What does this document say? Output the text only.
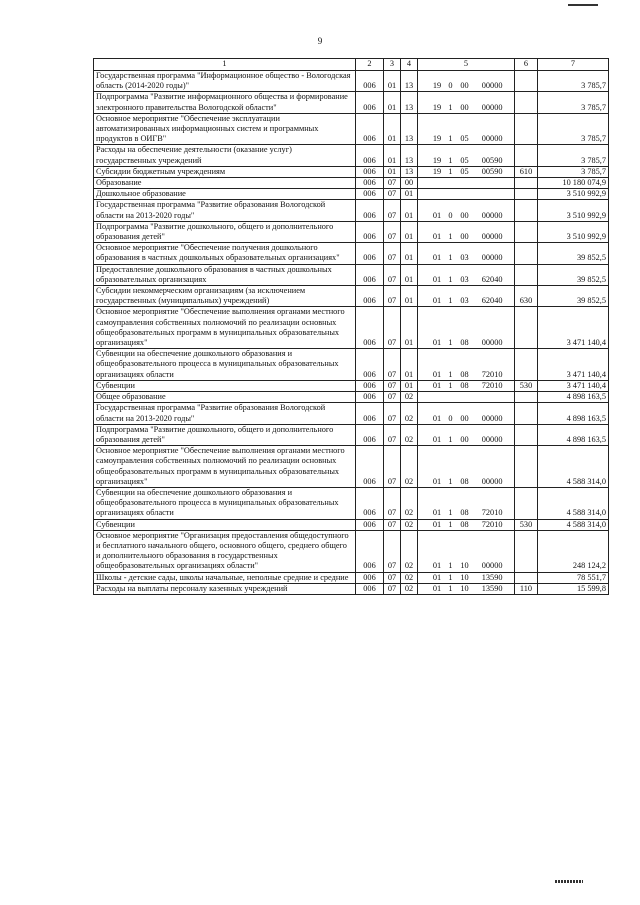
9
1	2	3	4	5	6	7
Государственная программа "Информационное общество - Вологодская область (2014-2020 годы)"	006	01	13	19 0 00 00000		3 785,7
Подпрограмма "Развитие информационного общества и формирование электронного правительства Вологодской области"	006	01	13	19 1 00 00000		3 785,7
Основное мероприятие "Обеспечение эксплуатации автоматизированных информационных систем и программных продуктов в ОИГВ"	006	01	13	19 1 05 00000		3 785,7
Расходы на обеспечение деятельности (оказание услуг) государственных учреждений	006	01	13	19 1 05 00590		3 785,7
Субсидии бюджетным учреждениям	006	01	13	19 1 05 00590	610	3 785,7
Образование	006	07	00			10 180 074,9
Дошкольное образование	006	07	01			3 510 992,9
Государственная программа "Развитие образования Вологодской области на 2013-2020 годы"	006	07	01	01 0 00 00000		3 510 992,9
Подпрограмма "Развитие дошкольного, общего и дополнительного образования детей"	006	07	01	01 1 00 00000		3 510 992,9
Основное мероприятие "Обеспечение получения дошкольного образования в частных дошкольных образовательных организациях"	006	07	01	01 1 03 00000		39 852,5
Предоставление дошкольного образования в частных дошкольных образовательных организациях	006	07	01	01 1 03 62040		39 852,5
Субсидии некоммерческим организациям (за исключением государственных (муниципальных) учреждений)	006	07	01	01 1 03 62040	630	39 852,5
Основное мероприятие "Обеспечение выполнения органами местного самоуправления собственных полномочий по реализации основных общеобразовательных программ в муниципальных образовательных организациях"	006	07	01	01 1 08 00000		3 471 140,4
Субвенции на обеспечение дошкольного образования и общеобразовательного процесса в муниципальных образовательных организациях области	006	07	01	01 1 08 72010		3 471 140,4
Субвенции	006	07	01	01 1 08 72010	530	3 471 140,4
Общее образование	006	07	02			4 898 163,5
Государственная программа "Развитие образования Вологодской области на 2013-2020 годы"	006	07	02	01 0 00 00000		4 898 163,5
Подпрограмма "Развитие дошкольного, общего и дополнительного образования детей"	006	07	02	01 1 00 00000		4 898 163,5
Основное мероприятие "Обеспечение выполнения органами местного самоуправления собственных полномочий по реализации основных общеобразовательных программ в муниципальных образовательных организациях"	006	07	02	01 1 08 00000		4 588 314,0
Субвенции на обеспечение дошкольного образования и общеобразовательного процесса в муниципальных образовательных организациях области	006	07	02	01 1 08 72010		4 588 314,0
Субвенции	006	07	02	01 1 08 72010	530	4 588 314,0
Основное мероприятие "Организация предоставления общедоступного и бесплатного начального общего, основного общего, среднего общего и дополнительного образования в государственных общеобразовательных организациях области"	006	07	02	01 1 10 00000		248 124,2
Школы - детские сады, школы начальные, неполные средние и средние	006	07	02	01 1 10 13590		78 551,7
Расходы на выплаты персоналу казенных учреждений	006	07	02	01 1 10 13590	110	15 599,8
